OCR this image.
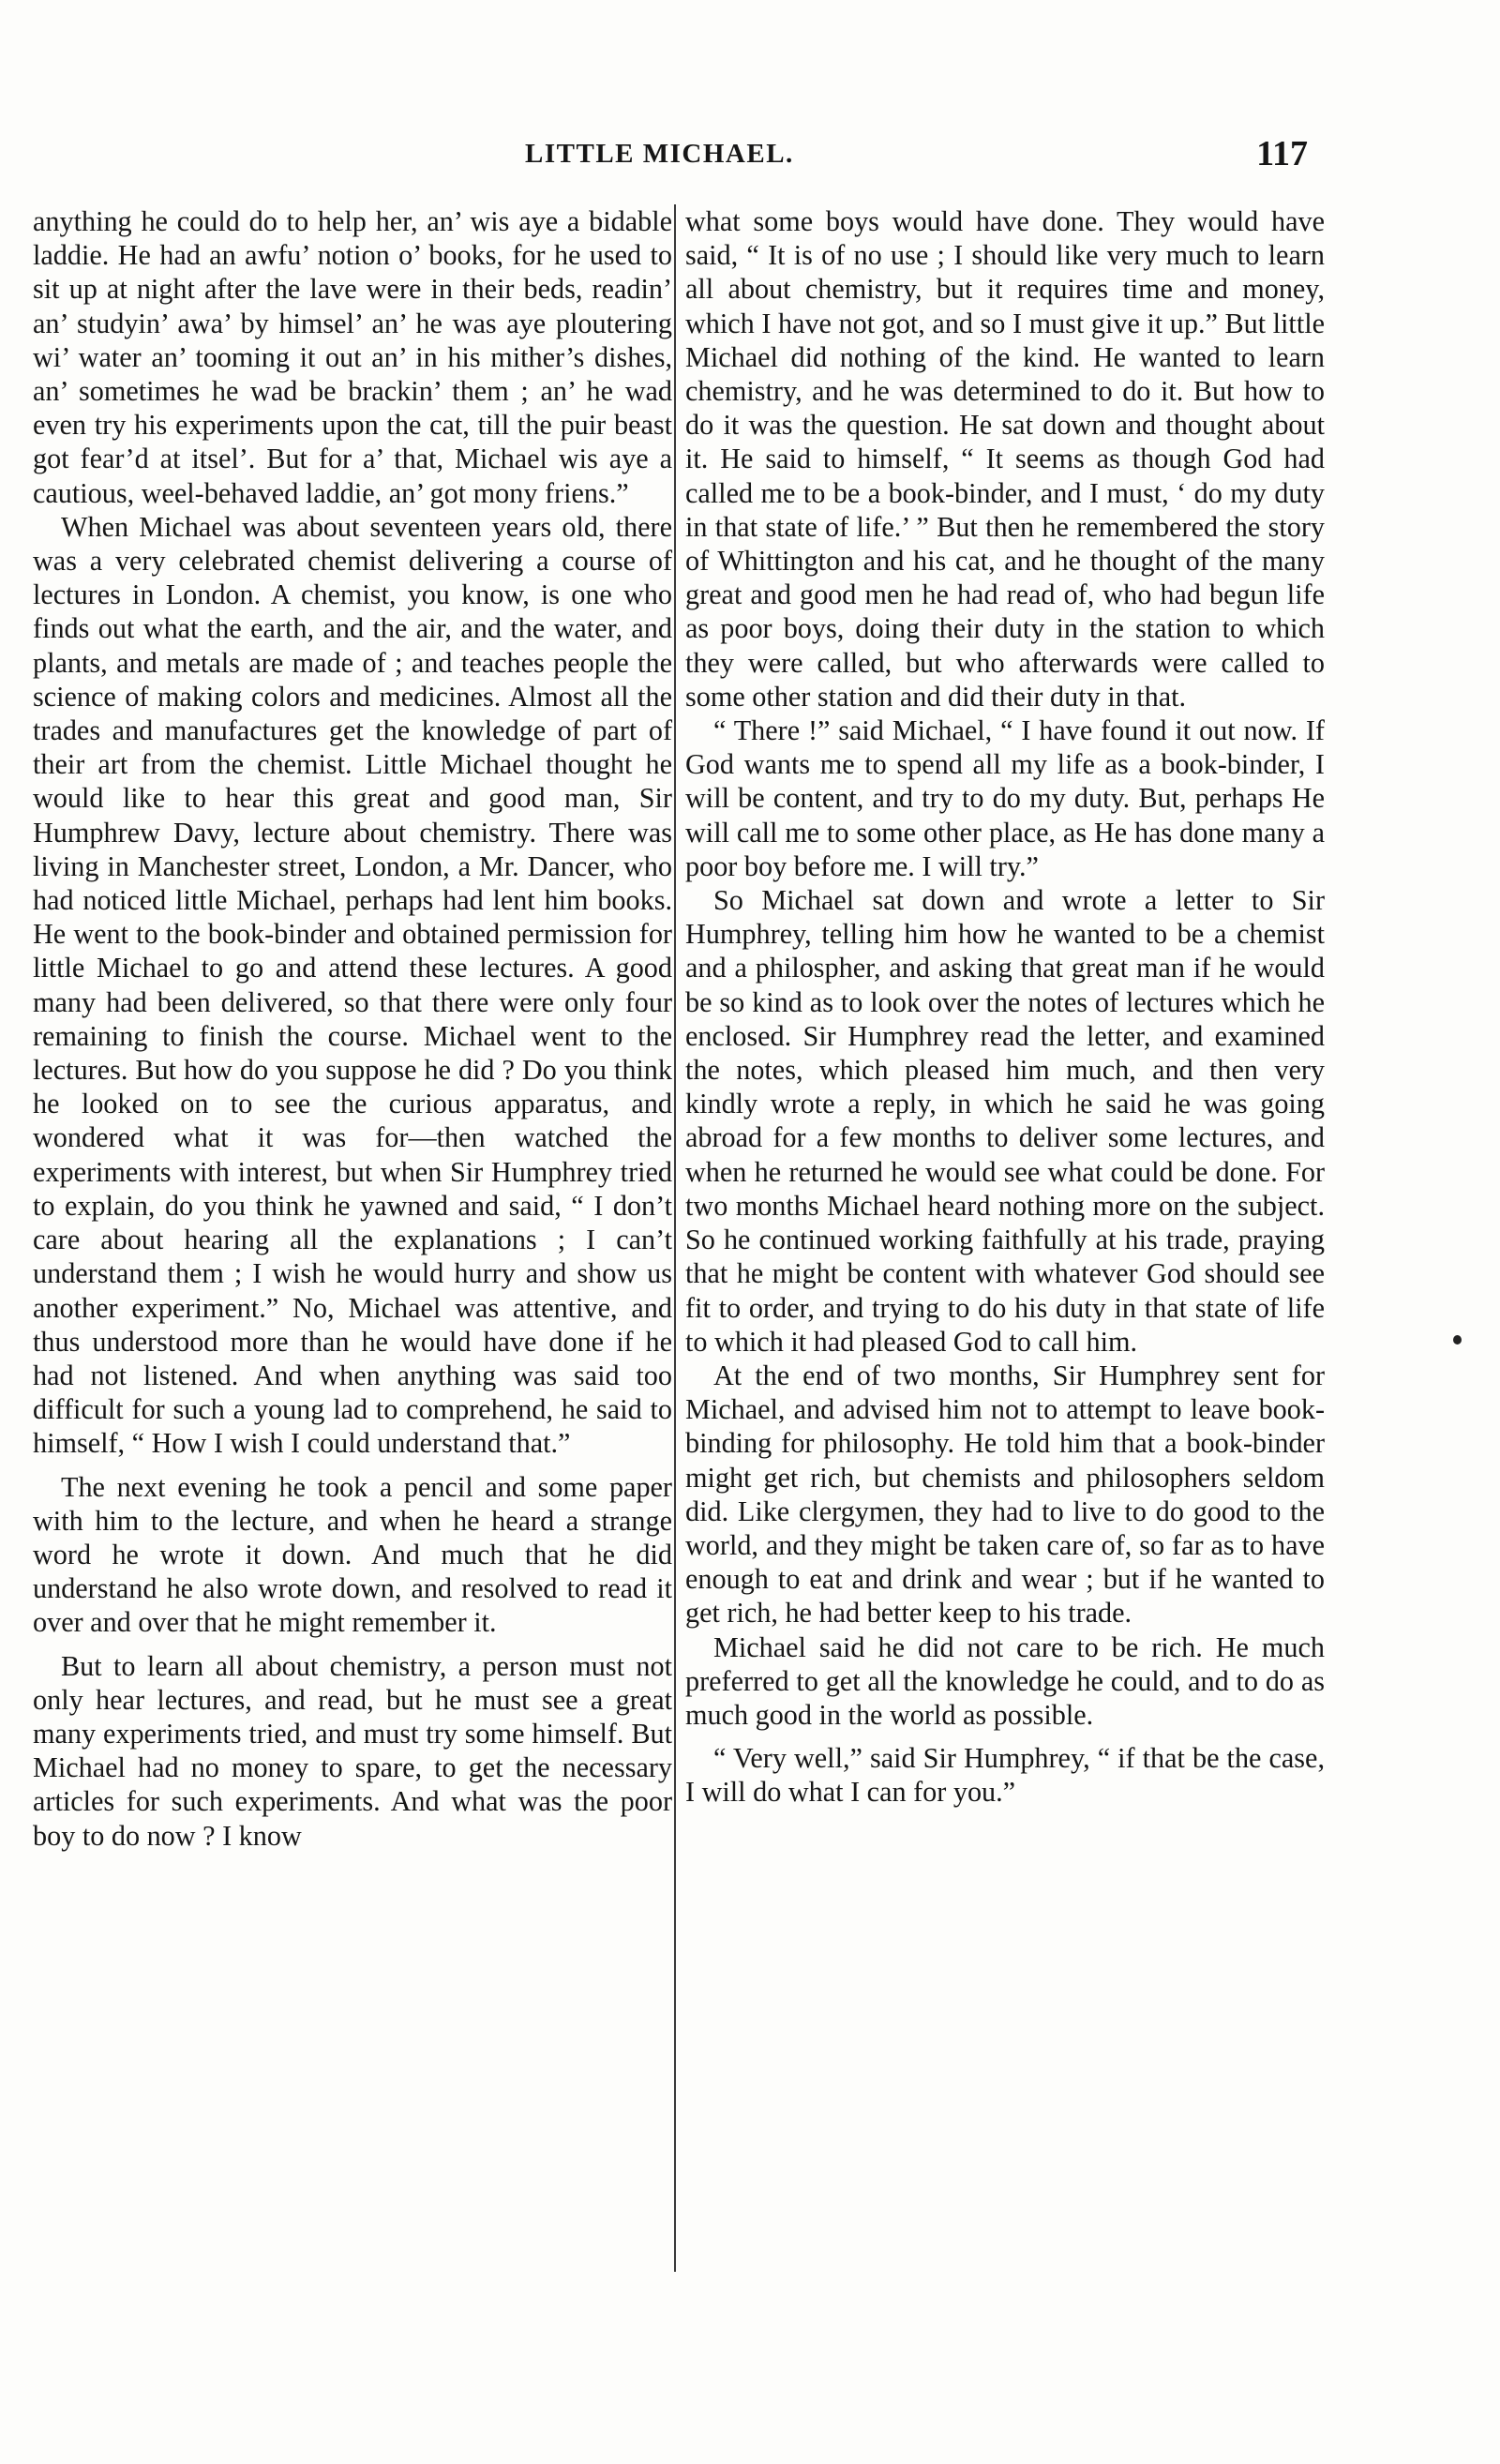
LITTLE MICHAEL.	117

anything he could do to help her, an’ wis aye a bidable laddie. He had an awfu’ notion o’ books, for he used to sit up at night after the lave were in their beds, readin’ an’ studyin’ awa’ by himsel’ an’ he was aye ploutering wi’ water an’ tooming it out an’ in his mither’s dishes, an’ sometimes he wad be brackin’ them ; an’ he wad even try his experiments upon the cat, till the puir beast got fear’d at itsel’. But for a’ that, Michael wis aye a cautious, weel-behaved laddie, an’ got mony friens.”

When Michael was about seventeen years old, there was a very celebrated chemist delivering a course of lectures in London. A chemist, you know, is one who finds out what the earth, and the air, and the water, and plants, and metals are made of ; and teaches people the science of making colors and medicines. Almost all the trades and manufactures get the knowledge of part of their art from the chemist. Little Michael thought he would like to hear this great and good man, Sir Humphrew Davy, lecture about chemistry. There was living in Manchester street, London, a Mr. Dancer, who had noticed little Michael, perhaps had lent him books. He went to the book-binder and obtained permission for little Michael to go and attend these lectures. A good many had been delivered, so that there were only four remaining to finish the course. Michael went to the lectures. But how do you suppose he did ? Do you think he looked on to see the curious apparatus, and wondered what it was for—then watched the experiments with interest, but when Sir Humphrey tried to explain, do you think he yawned and said, “ I don’t care about hearing all the explanations ; I can’t understand them ; I wish he would hurry and show us another experiment.” No, Michael was attentive, and thus understood more than he would have done if he had not listened. And when anything was said too difficult for such a young lad to comprehend, he said to himself, “ How I wish I could understand that.”

The next evening he took a pencil and some paper with him to the lecture, and when he heard a strange word he wrote it down. And much that he did understand he also wrote down, and resolved to read it over and over that he might remember it.

But to learn all about chemistry, a person must not only hear lectures, and read, but he must see a great many experiments tried, and must try some himself. But Michael had no money to spare, to get the necessary articles for such experiments. And what was the poor boy to do now ? I know

what some boys would have done. They would have said, “ It is of no use ; I should like very much to learn all about chemistry, but it requires time and money, which I have not got, and so I must give it up.” But little Michael did nothing of the kind. He wanted to learn chemistry, and he was determined to do it. But how to do it was the question. He sat down and thought about it. He said to himself, “ It seems as though God had called me to be a book-binder, and I must, ‘ do my duty in that state of life.’ ” But then he remembered the story of Whittington and his cat, and he thought of the many great and good men he had read of, who had begun life as poor boys, doing their duty in the station to which they were called, but who afterwards were called to some other station and did their duty in that.

“ There !” said Michael, “ I have found it out now. If God wants me to spend all my life as a book-binder, I will be content, and try to do my duty. But, perhaps He will call me to some other place, as He has done many a poor boy before me. I will try.”

So Michael sat down and wrote a letter to Sir Humphrey, telling him how he wanted to be a chemist and a philospher, and asking that great man if he would be so kind as to look over the notes of lectures which he enclosed. Sir Humphrey read the letter, and examined the notes, which pleased him much, and then very kindly wrote a reply, in which he said he was going abroad for a few months to deliver some lectures, and when he returned he would see what could be done. For two months Michael heard nothing more on the subject. So he continued working faithfully at his trade, praying that he might be content with whatever God should see fit to order, and trying to do his duty in that state of life to which it had pleased God to call him.

At the end of two months, Sir Humphrey sent for Michael, and advised him not to attempt to leave book-binding for philosophy. He told him that a book-binder might get rich, but chemists and philosophers seldom did. Like clergymen, they had to live to do good to the world, and they might be taken care of, so far as to have enough to eat and drink and wear ; but if he wanted to get rich, he had better keep to his trade.

Michael said he did not care to be rich. He much preferred to get all the knowledge he could, and to do as much good in the world as possible.

“ Very well,” said Sir Humphrey, “ if that be the case, I will do what I can for you.”
